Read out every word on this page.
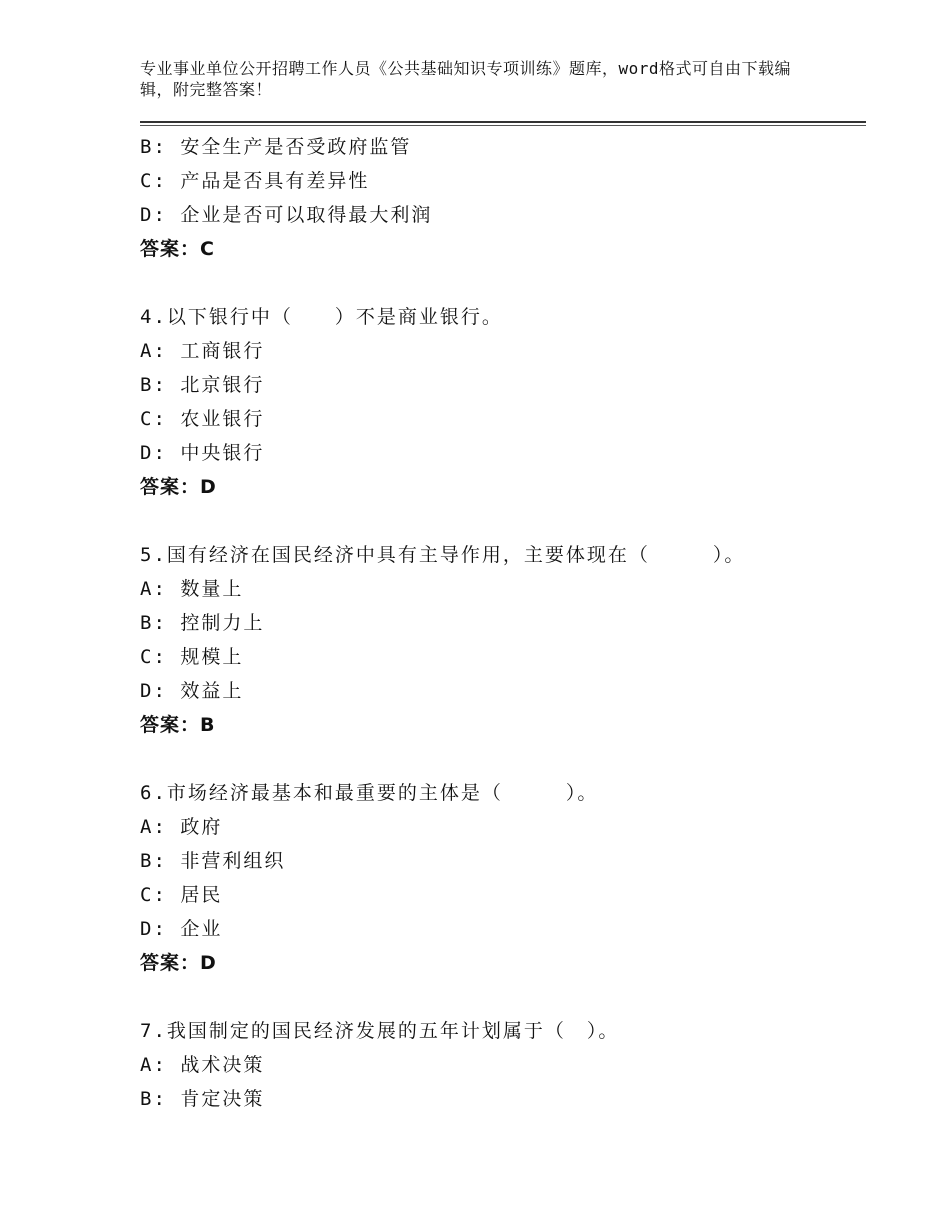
专业事业单位公开招聘工作人员《公共基础知识专项训练》题库，word格式可自由下载编辑，附完整答案！
B: 安全生产是否受政府监管
C: 产品是否具有差异性
D: 企业是否可以取得最大利润
答案：C
4.以下银行中（　　）不是商业银行。
A: 工商银行
B: 北京银行
C: 农业银行
D: 中央银行
答案：D
5.国有经济在国民经济中具有主导作用，主要体现在（　　　）。
A: 数量上
B: 控制力上
C: 规模上
D: 效益上
答案：B
6.市场经济最基本和最重要的主体是（　　　）。
A: 政府
B: 非营利组织
C: 居民
D: 企业
答案：D
7.我国制定的国民经济发展的五年计划属于（　）。
A: 战术决策
B: 肯定决策
